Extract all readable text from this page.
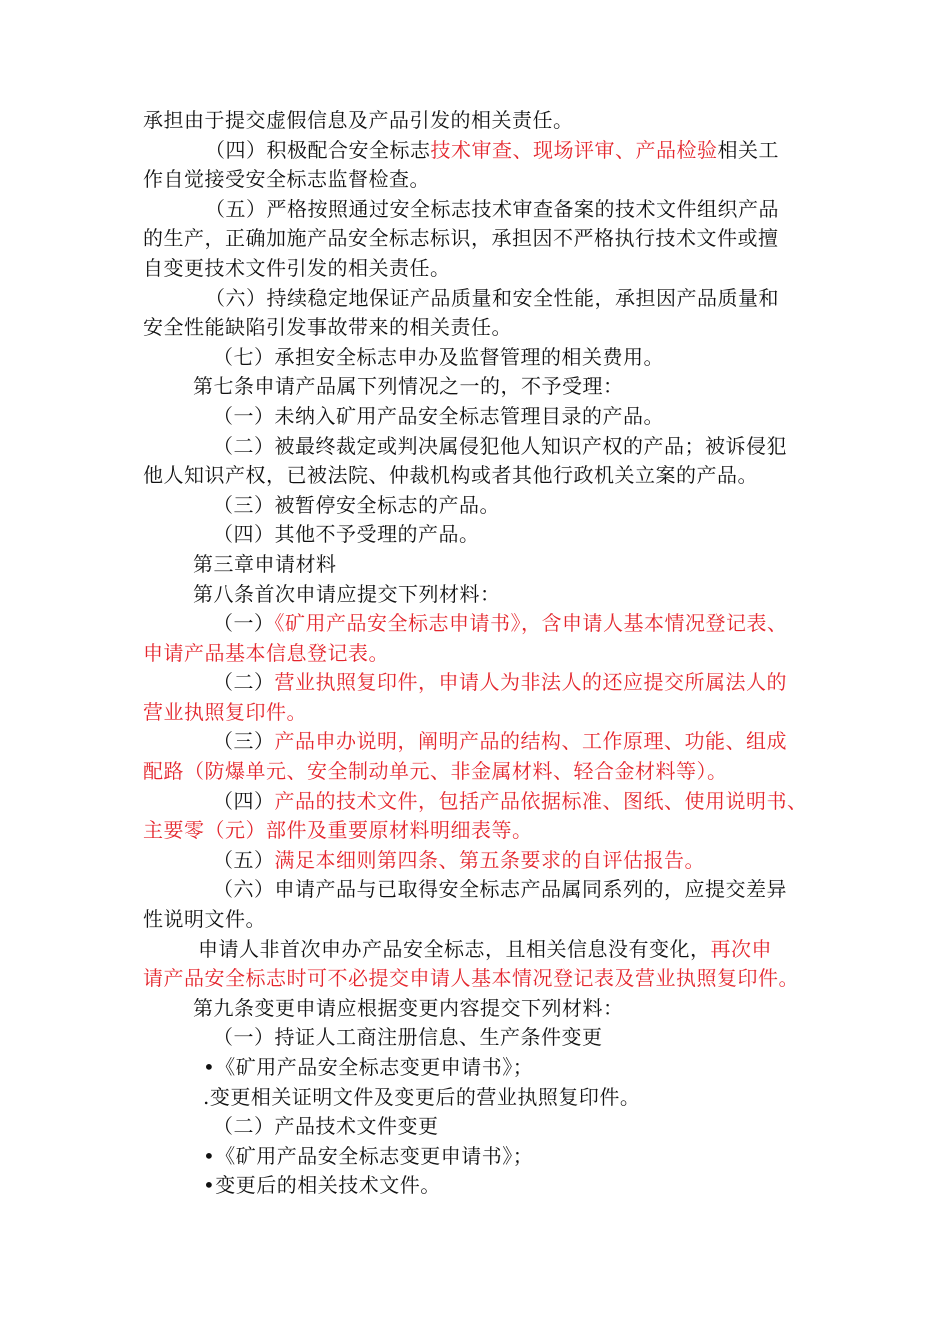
承担由于提交虚假信息及产品引发的相关责任。
（四）积极配合安全标志技术审查、现场评审、产品检验相关工
作自觉接受安全标志监督检查。
（五）严格按照通过安全标志技术审查备案的技术文件组织产品
的生产，正确加施产品安全标志标识，承担因不严格执行技术文件或擅
自变更技术文件引发的相关责任。
（六）持续稳定地保证产品质量和安全性能，承担因产品质量和
安全性能缺陷引发事故带来的相关责任。
（七）承担安全标志申办及监督管理的相关费用。
第七条申请产品属下列情况之一的，不予受理：
（一）未纳入矿用产品安全标志管理目录的产品。
（二）被最终裁定或判决属侵犯他人知识产权的产品；被诉侵犯
他人知识产权，已被法院、仲裁机构或者其他行政机关立案的产品。
（三）被暂停安全标志的产品。
（四）其他不予受理的产品。
第三章申请材料
第八条首次申请应提交下列材料：
（一）《矿用产品安全标志申请书》，含申请人基本情况登记表、
申请产品基本信息登记表。
（二）营业执照复印件，申请人为非法人的还应提交所属法人的
营业执照复印件。
（三）产品申办说明，阐明产品的结构、工作原理、功能、组成
配路（防爆单元、安全制动单元、非金属材料、轻合金材料等）。
（四）产品的技术文件，包括产品依据标准、图纸、使用说明书、
主要零（元）部件及重要原材料明细表等。
（五）满足本细则第四条、第五条要求的自评估报告。
（六）申请产品与已取得安全标志产品属同系列的，应提交差异
性说明文件。
申请人非首次申办产品安全标志，且相关信息没有变化，再次申
请产品安全标志时可不必提交申请人基本情况登记表及营业执照复印件。
第九条变更申请应根据变更内容提交下列材料：
（一）持证人工商注册信息、生产条件变更
•《矿用产品安全标志变更申请书》；
.变更相关证明文件及变更后的营业执照复印件。
（二）产品技术文件变更
•《矿用产品安全标志变更申请书》；
•变更后的相关技术文件。
